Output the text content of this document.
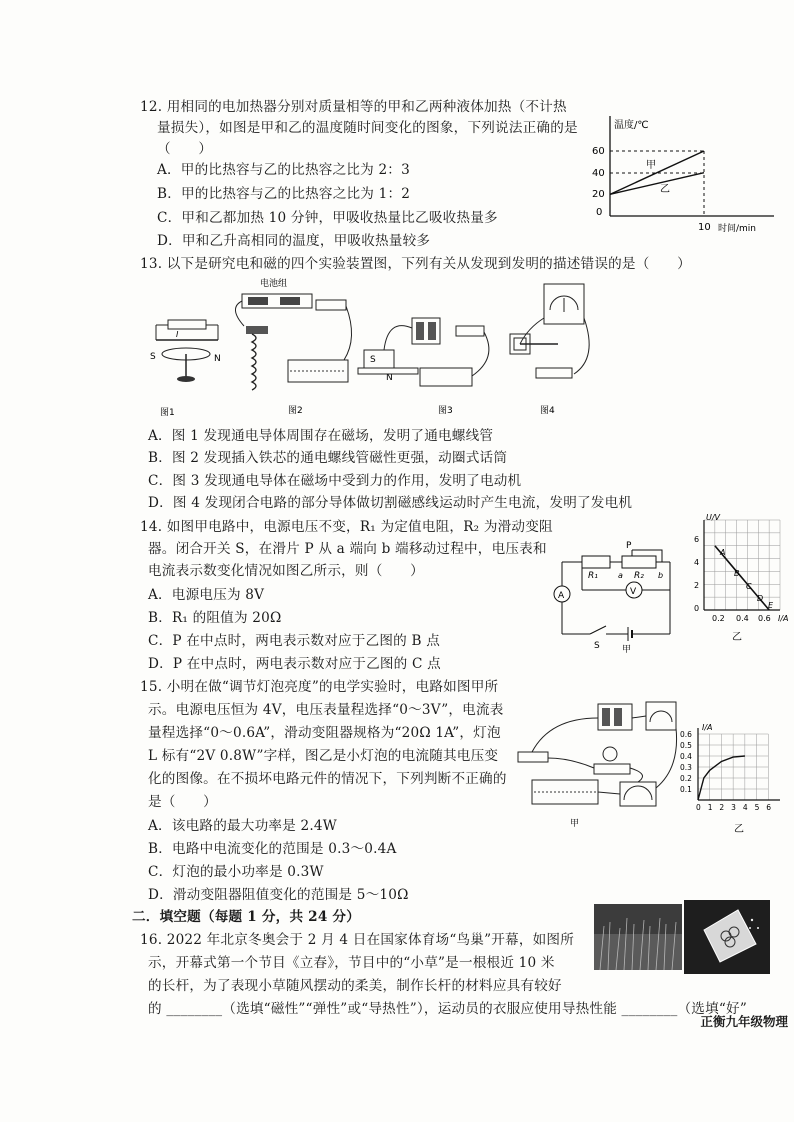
12. 用相同的电加热器分别对质量相等的甲和乙两种液体加热（不计热
量损失），如图是甲和乙的温度随时间变化的图象，下列说法正确的是
（　　）
A．甲的比热容与乙的比热容之比为 2：3
B．甲的比热容与乙的比热容之比为 1：2
C．甲和乙都加热 10 分钟，甲吸收热量比乙吸收热量多
D．甲和乙升高相同的温度，甲吸收热量较多
温度/℃
60
40
20
0
10 时间/min
甲
乙
13. 以下是研究电和磁的四个实验装置图，下列有关从发现到发明的描述错误的是（　　）
S	N
I
电池组
图2
S
N
图3	图4
图1
A．图 1 发现通电导体周围存在磁场，发明了通电螺线管
B．图 2 发现插入铁芯的通电螺线管磁性更强，动圈式话筒
C．图 3 发现通电导体在磁场中受到力的作用，发明了电动机
D．图 4 发现闭合电路的部分导体做切割磁感线运动时产生电流，发明了发电机
14. 如图甲电路中，电源电压不变，R₁ 为定值电阻，R₂ 为滑动变阻
器。闭合开关 S，在滑片 P 从 a 端向 b 端移动过程中，电压表和
电流表示数变化情况如图乙所示，则（　　）
A．电源电压为 8V
B．R₁ 的阻值为 20Ω
C．P 在中点时，两电表示数对应于乙图的 B 点
D．P 在中点时，两电表示数对应于乙图的 C 点
R₁	R₂
P
a	b
A	V
S 甲
U/V
6
4
2
0
0.2 0.4 0.6 I/A
A
B
C
D
E
乙
15. 小明在做“调节灯泡亮度”的电学实验时，电路如图甲所
示。电源电压恒为 4V，电压表量程选择“0～3V”，电流表
量程选择“0～0.6A”，滑动变阻器规格为“20Ω 1A”，灯泡
L 标有“2V 0.8W”字样，图乙是小灯泡的电流随其电压变
化的图像。在不损坏电路元件的情况下，下列判断不正确的
是（　　）
A．该电路的最大功率是 2.4W
B．电路中电流变化的范围是 0.3～0.4A
C．灯泡的最小功率是 0.3W
D．滑动变阻器阻值变化的范围是 5～10Ω
甲
I/A
0.6
0.5
0.4
0.3
0.2
0.1
0 1 2 3 4 5 6
乙
二．填空题（每题 1 分，共 24 分）
16. 2022 年北京冬奥会于 2 月 4 日在国家体育场“鸟巢”开幕，如图所
示，开幕式第一个节目《立春》，节目中的“小草”是一根根近 10 米
的长杆，为了表现小草随风摆动的柔美，制作长杆的材料应具有较好
的 ________（选填“磁性”“弹性”或“导热性”），运动员的衣服应使用导热性能 ________（选填“好”
正衡九年级物理
